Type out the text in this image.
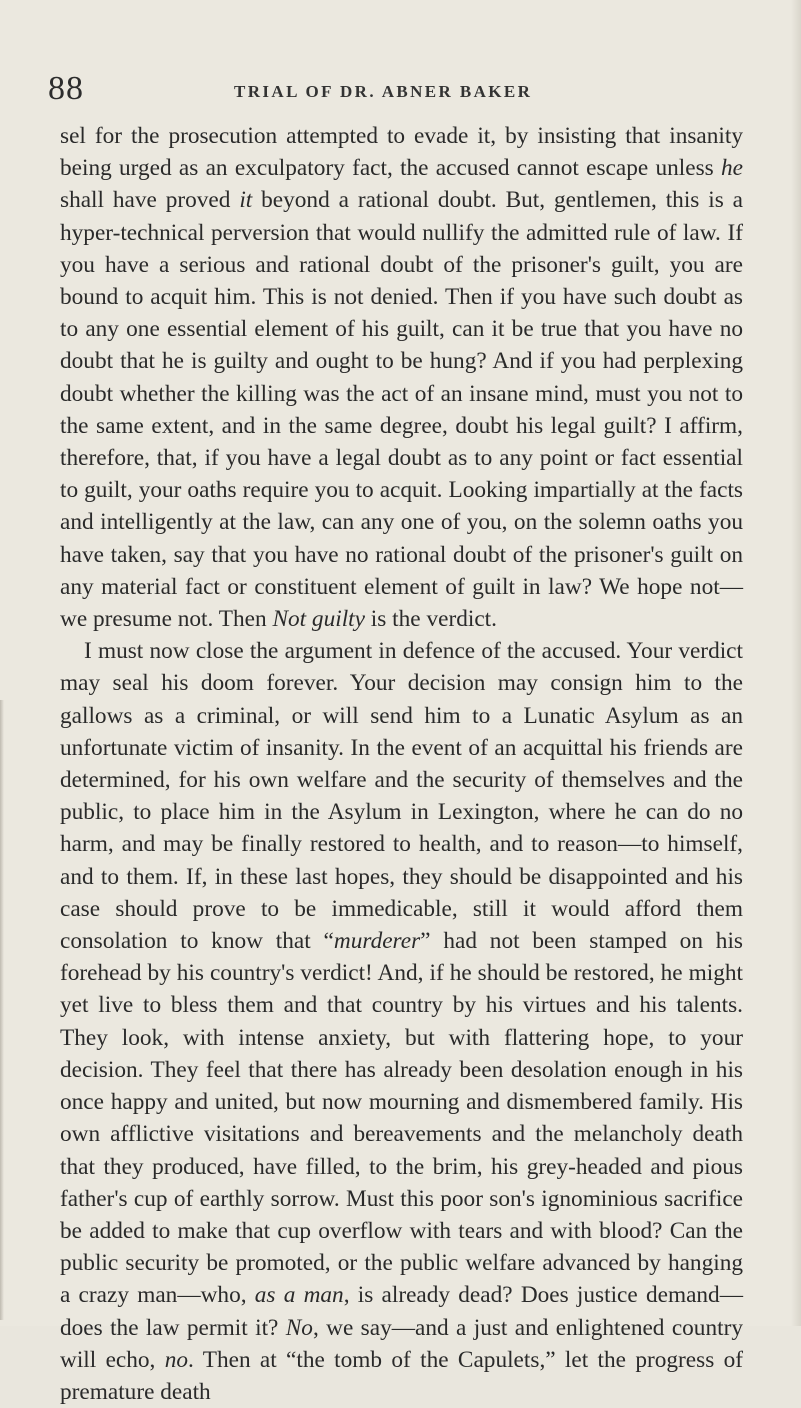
88	TRIAL OF DR. ABNER BAKER

sel for the prosecution attempted to evade it, by insisting that insanity being urged as an exculpatory fact, the accused cannot escape unless he shall have proved it beyond a rational doubt. But, gentlemen, this is a hyper-technical perversion that would nullify the admitted rule of law. If you have a serious and rational doubt of the prisoner's guilt, you are bound to acquit him. This is not denied. Then if you have such doubt as to any one essential element of his guilt, can it be true that you have no doubt that he is guilty and ought to be hung? And if you had perplexing doubt whether the killing was the act of an insane mind, must you not to the same extent, and in the same degree, doubt his legal guilt? I affirm, therefore, that, if you have a legal doubt as to any point or fact essential to guilt, your oaths require you to acquit. Looking impartially at the facts and intelligently at the law, can any one of you, on the solemn oaths you have taken, say that you have no rational doubt of the prisoner's guilt on any material fact or constituent element of guilt in law? We hope not—we presume not. Then Not guilty is the verdict.

I must now close the argument in defence of the accused. Your verdict may seal his doom forever. Your decision may consign him to the gallows as a criminal, or will send him to a Lunatic Asylum as an unfortunate victim of insanity. In the event of an acquittal his friends are determined, for his own welfare and the security of themselves and the public, to place him in the Asylum in Lexington, where he can do no harm, and may be finally restored to health, and to reason—to himself, and to them. If, in these last hopes, they should be disappointed and his case should prove to be immedicable, still it would afford them consolation to know that “murderer” had not been stamped on his forehead by his country's verdict! And, if he should be restored, he might yet live to bless them and that country by his virtues and his talents. They look, with intense anxiety, but with flattering hope, to your decision. They feel that there has already been desolation enough in his once happy and united, but now mourning and dismembered family. His own afflictive visitations and bereavements and the melancholy death that they produced, have filled, to the brim, his grey-headed and pious father's cup of earthly sorrow. Must this poor son's ignominious sacrifice be added to make that cup overflow with tears and with blood? Can the public security be promoted, or the public welfare advanced by hanging a crazy man—who, as a man, is already dead? Does justice demand—does the law permit it? No, we say—and a just and enlightened country will echo, no. Then at “the tomb of the Capulets,” let the progress of premature death
